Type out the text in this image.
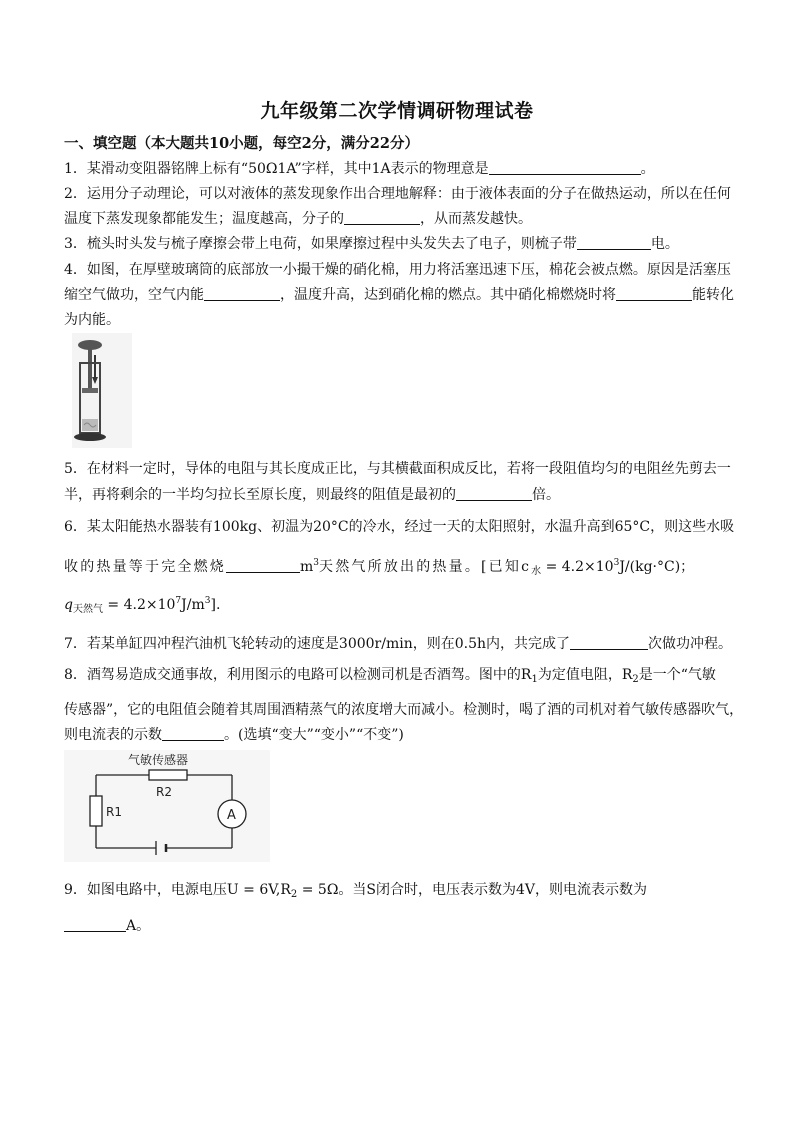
九年级第二次学情调研物理试卷
一、填空题（本大题共10小题，每空2分，满分22分）
1．某滑动变阻器铭牌上标有“50Ω1A”字样，其中1A表示的物理意是	。
2．运用分子动理论，可以对液体的蒸发现象作出合理地解释：由于液体表面的分子在做热运动，所以在任何
温度下蒸发现象都能发生；温度越高，分子的	，从而蒸发越快。
3．梳头时头发与梳子摩擦会带上电荷，如果摩擦过程中头发失去了电子，则梳子带	电。
4．如图，在厚壁玻璃筒的底部放一小撮干燥的硝化棉，用力将活塞迅速下压，棉花会被点燃。原因是活塞压
缩空气做功，空气内能	，温度升高，达到硝化棉的燃点。其中硝化棉燃烧时将	能转化
为内能。
5．在材料一定时，导体的电阻与其长度成正比，与其横截面积成反比，若将一段阻值均匀的电阻丝先剪去一
半，再将剩余的一半均匀拉长至原长度，则最终的阻值是最初的	倍。
6．某太阳能热水器装有100kg、初温为20°C的冷水，经过一天的太阳照射，水温升高到65°C，则这些水吸
收的热量等于完全燃烧	$m^3$天然气所放出的热量。[已知$c_水 = 4.2\times 10^3J/(kg\cdot^\circ C)$；
$q_{天然气} = 4.2\times 10^7J/m^3$].
7．若某单缸四冲程汽油机飞轮转动的速度是3000r/min，则在0.5h内，共完成了	次做功冲程。
8．酒驾易造成交通事故，利用图示的电路可以检测司机是否酒驾。图中的$R_1$为定值电阻，$R_2$是一个“气敏
传感器”，它的电阻值会随着其周围酒精蒸气的浓度增大而减小。检测时，喝了酒的司机对着气敏传感器吹气，
则电流表的示数	。(选填“变大”“变小”“不变”)
气敏传感器
R2
R1	A
9．如图电路中，电源电压$U = 6V,R_2 = 5\Omega$。当S闭合时，电压表示数为4V，则电流表示数为
A。
